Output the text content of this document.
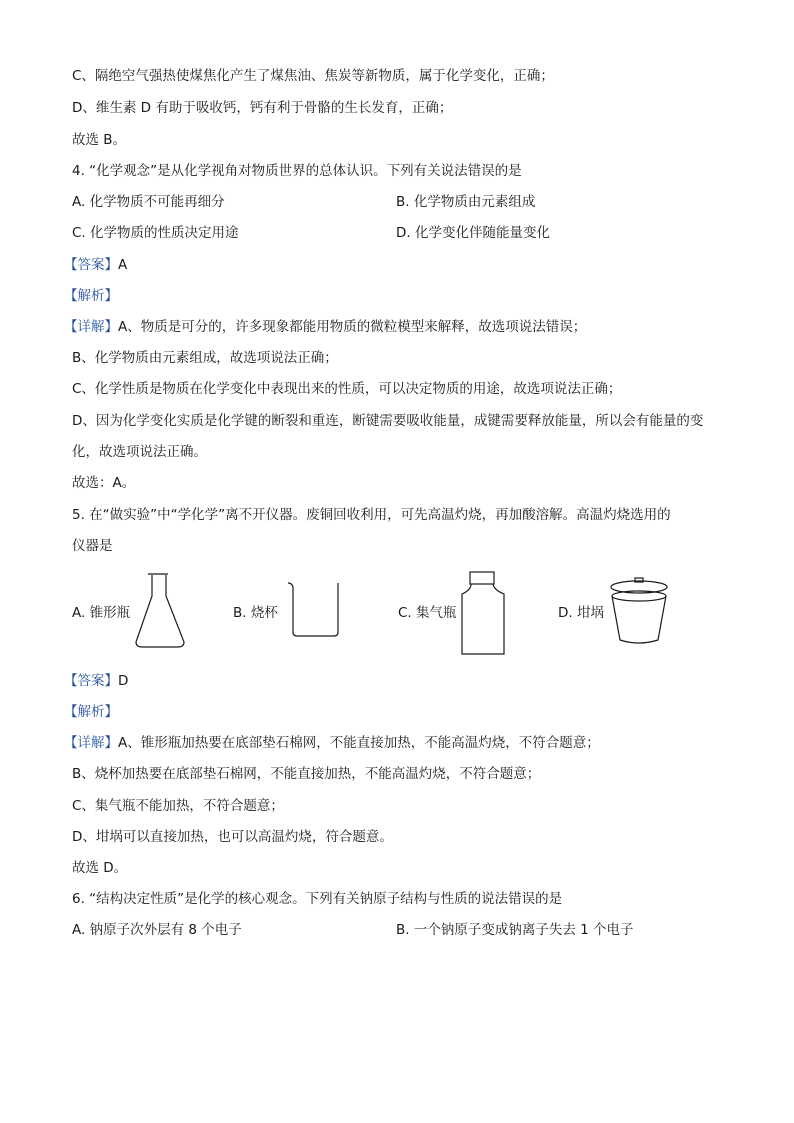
C、隔绝空气强热使煤焦化产生了煤焦油、焦炭等新物质，属于化学变化，正确；
D、维生素 D 有助于吸收钙，钙有利于骨骼的生长发育，正确；
故选 B。
4. “化学观念”是从化学视角对物质世界的总体认识。下列有关说法错误的是
A. 化学物质不可能再细分	B. 化学物质由元素组成
C. 化学物质的性质决定用途	D. 化学变化伴随能量变化
【答案】A
【解析】
【详解】A、物质是可分的，许多现象都能用物质的微粒模型来解释，故选项说法错误；
B、化学物质由元素组成，故选项说法正确；
C、化学性质是物质在化学变化中表现出来的性质，可以决定物质的用途，故选项说法正确；
D、因为化学变化实质是化学键的断裂和重连，断键需要吸收能量，成键需要释放能量，所以会有能量的变
化，故选项说法正确。
故选：A。
5. 在“做实验”中“学化学”离不开仪器。废铜回收利用，可先高温灼烧，再加酸溶解。高温灼烧选用的
仪器是
A. 锥形瓶	B. 烧杯	C. 集气瓶	D. 坩埚
【答案】D
【解析】
【详解】A、锥形瓶加热要在底部垫石棉网，不能直接加热，不能高温灼烧，不符合题意；
B、烧杯加热要在底部垫石棉网，不能直接加热，不能高温灼烧，不符合题意；
C、集气瓶不能加热，不符合题意；
D、坩埚可以直接加热，也可以高温灼烧，符合题意。
故选 D。
6. “结构决定性质”是化学的核心观念。下列有关钠原子结构与性质的说法错误的是
A. 钠原子次外层有 8 个电子	B. 一个钠原子变成钠离子失去 1 个电子
